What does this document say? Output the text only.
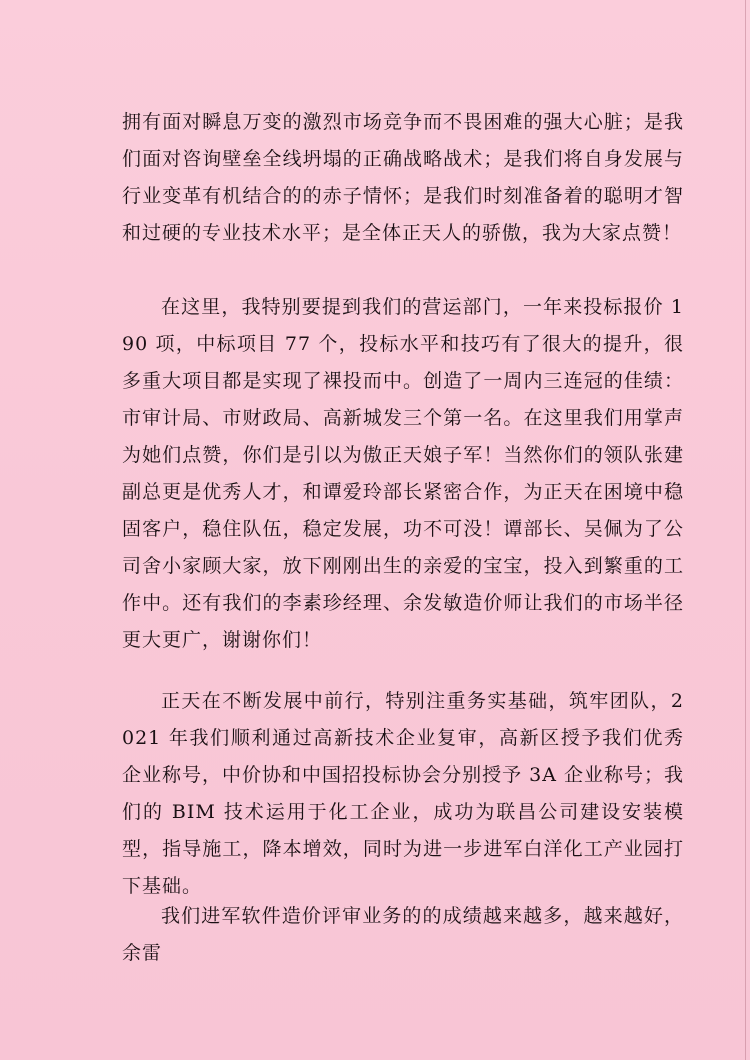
拥有面对瞬息万变的激烈市场竞争而不畏困难的强大心脏；是我们面对咨询壁垒全线坍塌的正确战略战术；是我们将自身发展与行业变革有机结合的的赤子情怀；是我们时刻准备着的聪明才智和过硬的专业技术水平；是全体正天人的骄傲，我为大家点赞！

在这里，我特别要提到我们的营运部门，一年来投标报价 190 项，中标项目 77 个，投标水平和技巧有了很大的提升，很多重大项目都是实现了裸投而中。创造了一周内三连冠的佳绩：市审计局、市财政局、高新城发三个第一名。在这里我们用掌声为她们点赞，你们是引以为傲正天娘子军！当然你们的领队张建副总更是优秀人才，和谭爱玲部长紧密合作，为正天在困境中稳固客户，稳住队伍，稳定发展，功不可没！谭部长、吴佩为了公司舍小家顾大家，放下刚刚出生的亲爱的宝宝，投入到繁重的工作中。还有我们的李素珍经理、余发敏造价师让我们的市场半径更大更广，谢谢你们！

正天在不断发展中前行，特别注重务实基础，筑牢团队，2021 年我们顺利通过高新技术企业复审，高新区授予我们优秀企业称号，中价协和中国招投标协会分别授予 3A 企业称号；我们的 BIM 技术运用于化工企业，成功为联昌公司建设安装模型，指导施工，降本增效，同时为进一步进军白洋化工产业园打下基础。

我们进军软件造价评审业务的的成绩越来越多，越来越好，余雷
